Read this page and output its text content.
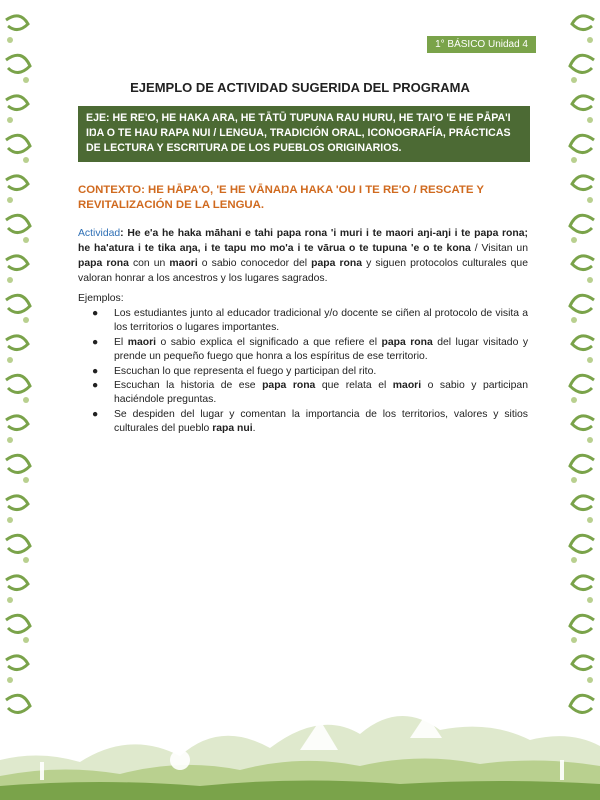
1° BÁSICO Unidad 4
EJEMPLO DE ACTIVIDAD SUGERIDA DEL PROGRAMA
EJE: HE RE'O, HE HAKA ARA, HE TĀTŪ TUPUNA RAU HURU, HE TAI'O 'E HE PĀPA'I IŊA O TE HAU RAPA NUI / LENGUA, TRADICIÓN ORAL, ICONOGRAFÍA, PRÁCTICAS DE LECTURA Y ESCRITURA DE LOS PUEBLOS ORIGINARIOS.
CONTEXTO: HE HĀPA'O, 'E HE VĀNAŊA HAKA 'OU I TE RE'O / RESCATE Y REVITALIZACIÓN DE LA LENGUA.
Actividad: He e'a he haka māhani e tahi papa rona 'i muri i te maori aŋi-aŋi i te papa rona; he ha'atura i te tika aŋa, i te tapu mo mo'a i te vārua o te tupuna 'e o te kona / Visitan un papa rona con un maori o sabio conocedor del papa rona y siguen protocolos culturales que valoran honrar a los ancestros y los lugares sagrados.
Ejemplos:
● Los estudiantes junto al educador tradicional y/o docente se ciñen al protocolo de visita a los territorios o lugares importantes.
● El maori o sabio explica el significado a que refiere el papa rona del lugar visitado y prende un pequeño fuego que honra a los espíritus de ese territorio.
● Escuchan lo que representa el fuego y participan del rito.
● Escuchan la historia de ese papa rona que relata el maori o sabio y participan haciéndole preguntas.
● Se despiden del lugar y comentan la importancia de los territorios, valores y sitios culturales del pueblo rapa nui.
